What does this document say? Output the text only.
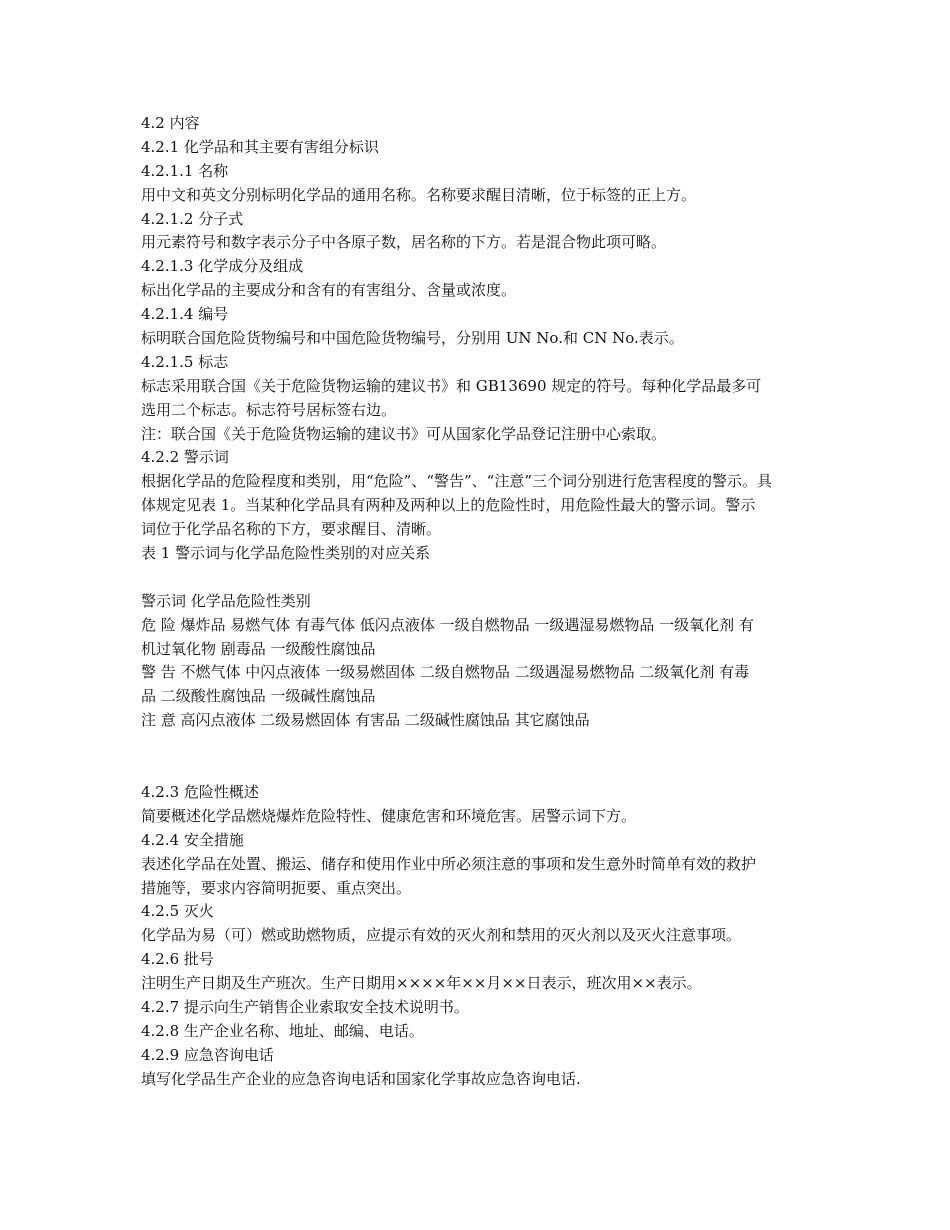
4.2 内容
4.2.1 化学品和其主要有害组分标识
4.2.1.1 名称
用中文和英文分别标明化学品的通用名称。名称要求醒目清晰，位于标签的正上方。
4.2.1.2 分子式
用元素符号和数字表示分子中各原子数，居名称的下方。若是混合物此项可略。
4.2.1.3 化学成分及组成
标出化学品的主要成分和含有的有害组分、含量或浓度。
4.2.1.4 编号
标明联合国危险货物编号和中国危险货物编号，分别用 UN No.和 CN No.表示。
4.2.1.5 标志
标志采用联合国《关于危险货物运输的建议书》和 GB13690 规定的符号。每种化学品最多可
选用二个标志。标志符号居标签右边。
注：联合国《关于危险货物运输的建议书》可从国家化学品登记注册中心索取。
4.2.2 警示词
根据化学品的危险程度和类别，用“危险”、“警告”、“注意”三个词分别进行危害程度的警示。具
体规定见表 1。当某种化学品具有两种及两种以上的危险性时，用危险性最大的警示词。警示
词位于化学品名称的下方，要求醒目、清晰。
表 1 警示词与化学品危险性类别的对应关系
警示词 化学品危险性类别
危 险 爆炸品 易燃气体 有毒气体 低闪点液体 一级自燃物品 一级遇湿易燃物品 一级氧化剂 有
机过氧化物 剧毒品 一级酸性腐蚀品
警 告 不燃气体 中闪点液体 一级易燃固体 二级自燃物品 二级遇湿易燃物品 二级氧化剂 有毒
品 二级酸性腐蚀品 一级碱性腐蚀品
注 意 高闪点液体 二级易燃固体 有害品 二级碱性腐蚀品 其它腐蚀品
4.2.3 危险性概述
简要概述化学品燃烧爆炸危险特性、健康危害和环境危害。居警示词下方。
4.2.4 安全措施
表述化学品在处置、搬运、储存和使用作业中所必须注意的事项和发生意外时简单有效的救护
措施等，要求内容简明扼要、重点突出。
4.2.5 灭火
化学品为易（可）燃或助燃物质，应提示有效的灭火剂和禁用的灭火剂以及灭火注意事项。
4.2.6 批号
注明生产日期及生产班次。生产日期用××××年××月××日表示，班次用××表示。
4.2.7 提示向生产销售企业索取安全技术说明书。
4.2.8 生产企业名称、地址、邮编、电话。
4.2.9 应急咨询电话
填写化学品生产企业的应急咨询电话和国家化学事故应急咨询电话.
